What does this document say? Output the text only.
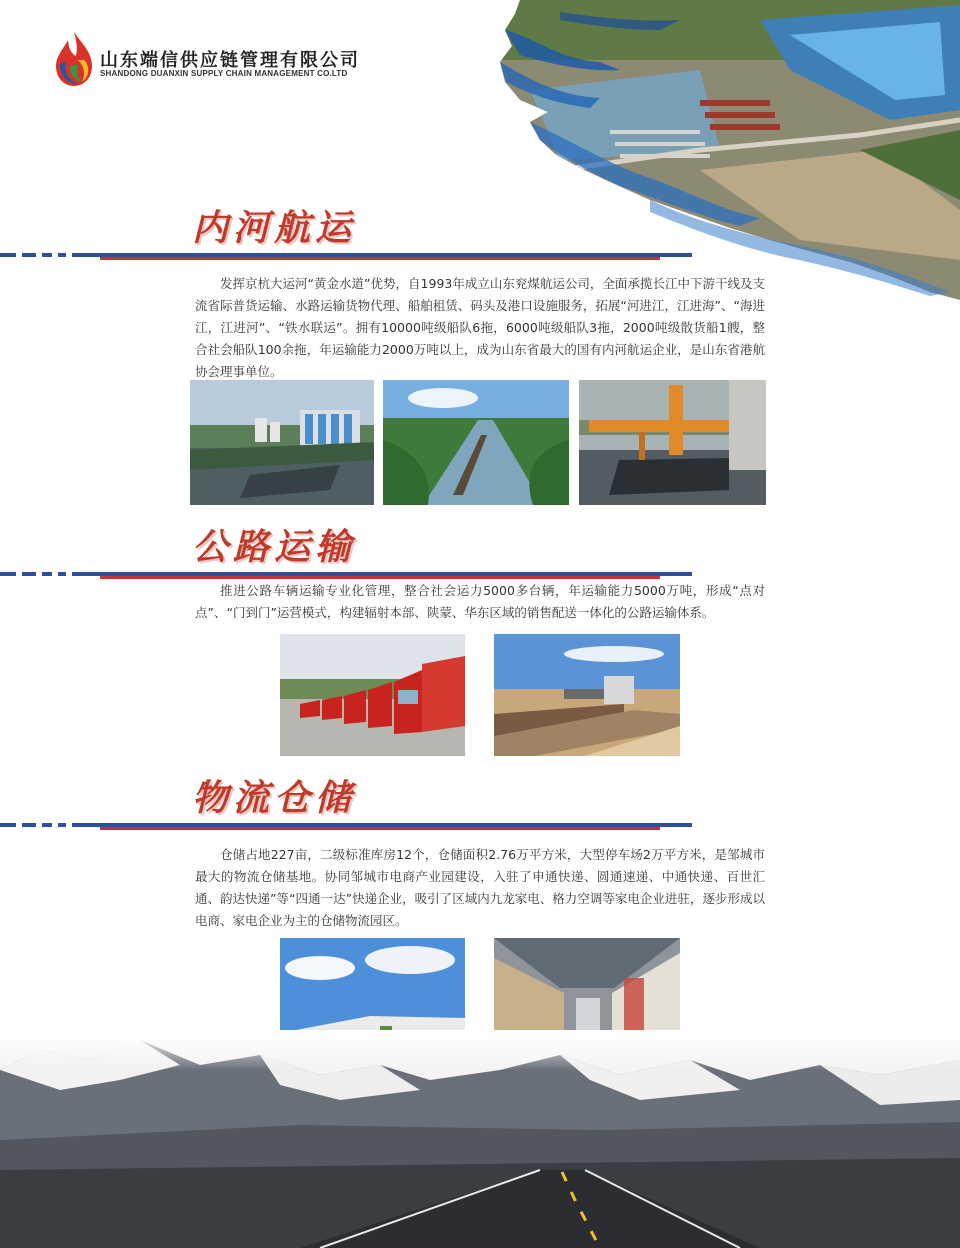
山东端信供应链管理有限公司
SHANDONG DUANXIN SUPPLY CHAIN MANAGEMENT CO.LTD
内河航运

发挥京杭大运河“黄金水道”优势，自1993年成立山东兖煤航运公司，全面承揽长江中下游干线及支流省际普货运输、水路运输货物代理、船舶租赁、码头及港口设施服务，拓展“河进江，江进海”、“海进江，江进河”、“铁水联运”。拥有10000吨级船队6拖，6000吨级船队3拖，2000吨级散货船1艘，整合社会船队100余拖，年运输能力2000万吨以上，成为山东省最大的国有内河航运企业，是山东省港航协会理事单位。

公路运输

推进公路车辆运输专业化管理，整合社会运力5000多台辆，年运输能力5000万吨，形成“点对点”、“门到门”运营模式，构建辐射本部、陕蒙、华东区域的销售配送一体化的公路运输体系。

物流仓储

仓储占地227亩，二级标准库房12个，仓储面积2.76万平方米，大型停车场2万平方米，是邹城市最大的物流仓储基地。协同邹城市电商产业园建设，入驻了申通快递、圆通速递、中通快递、百世汇通、韵达快递”等“四通一达”快递企业，吸引了区域内九龙家电、格力空调等家电企业进驻，逐步形成以电商、家电企业为主的仓储物流园区。
